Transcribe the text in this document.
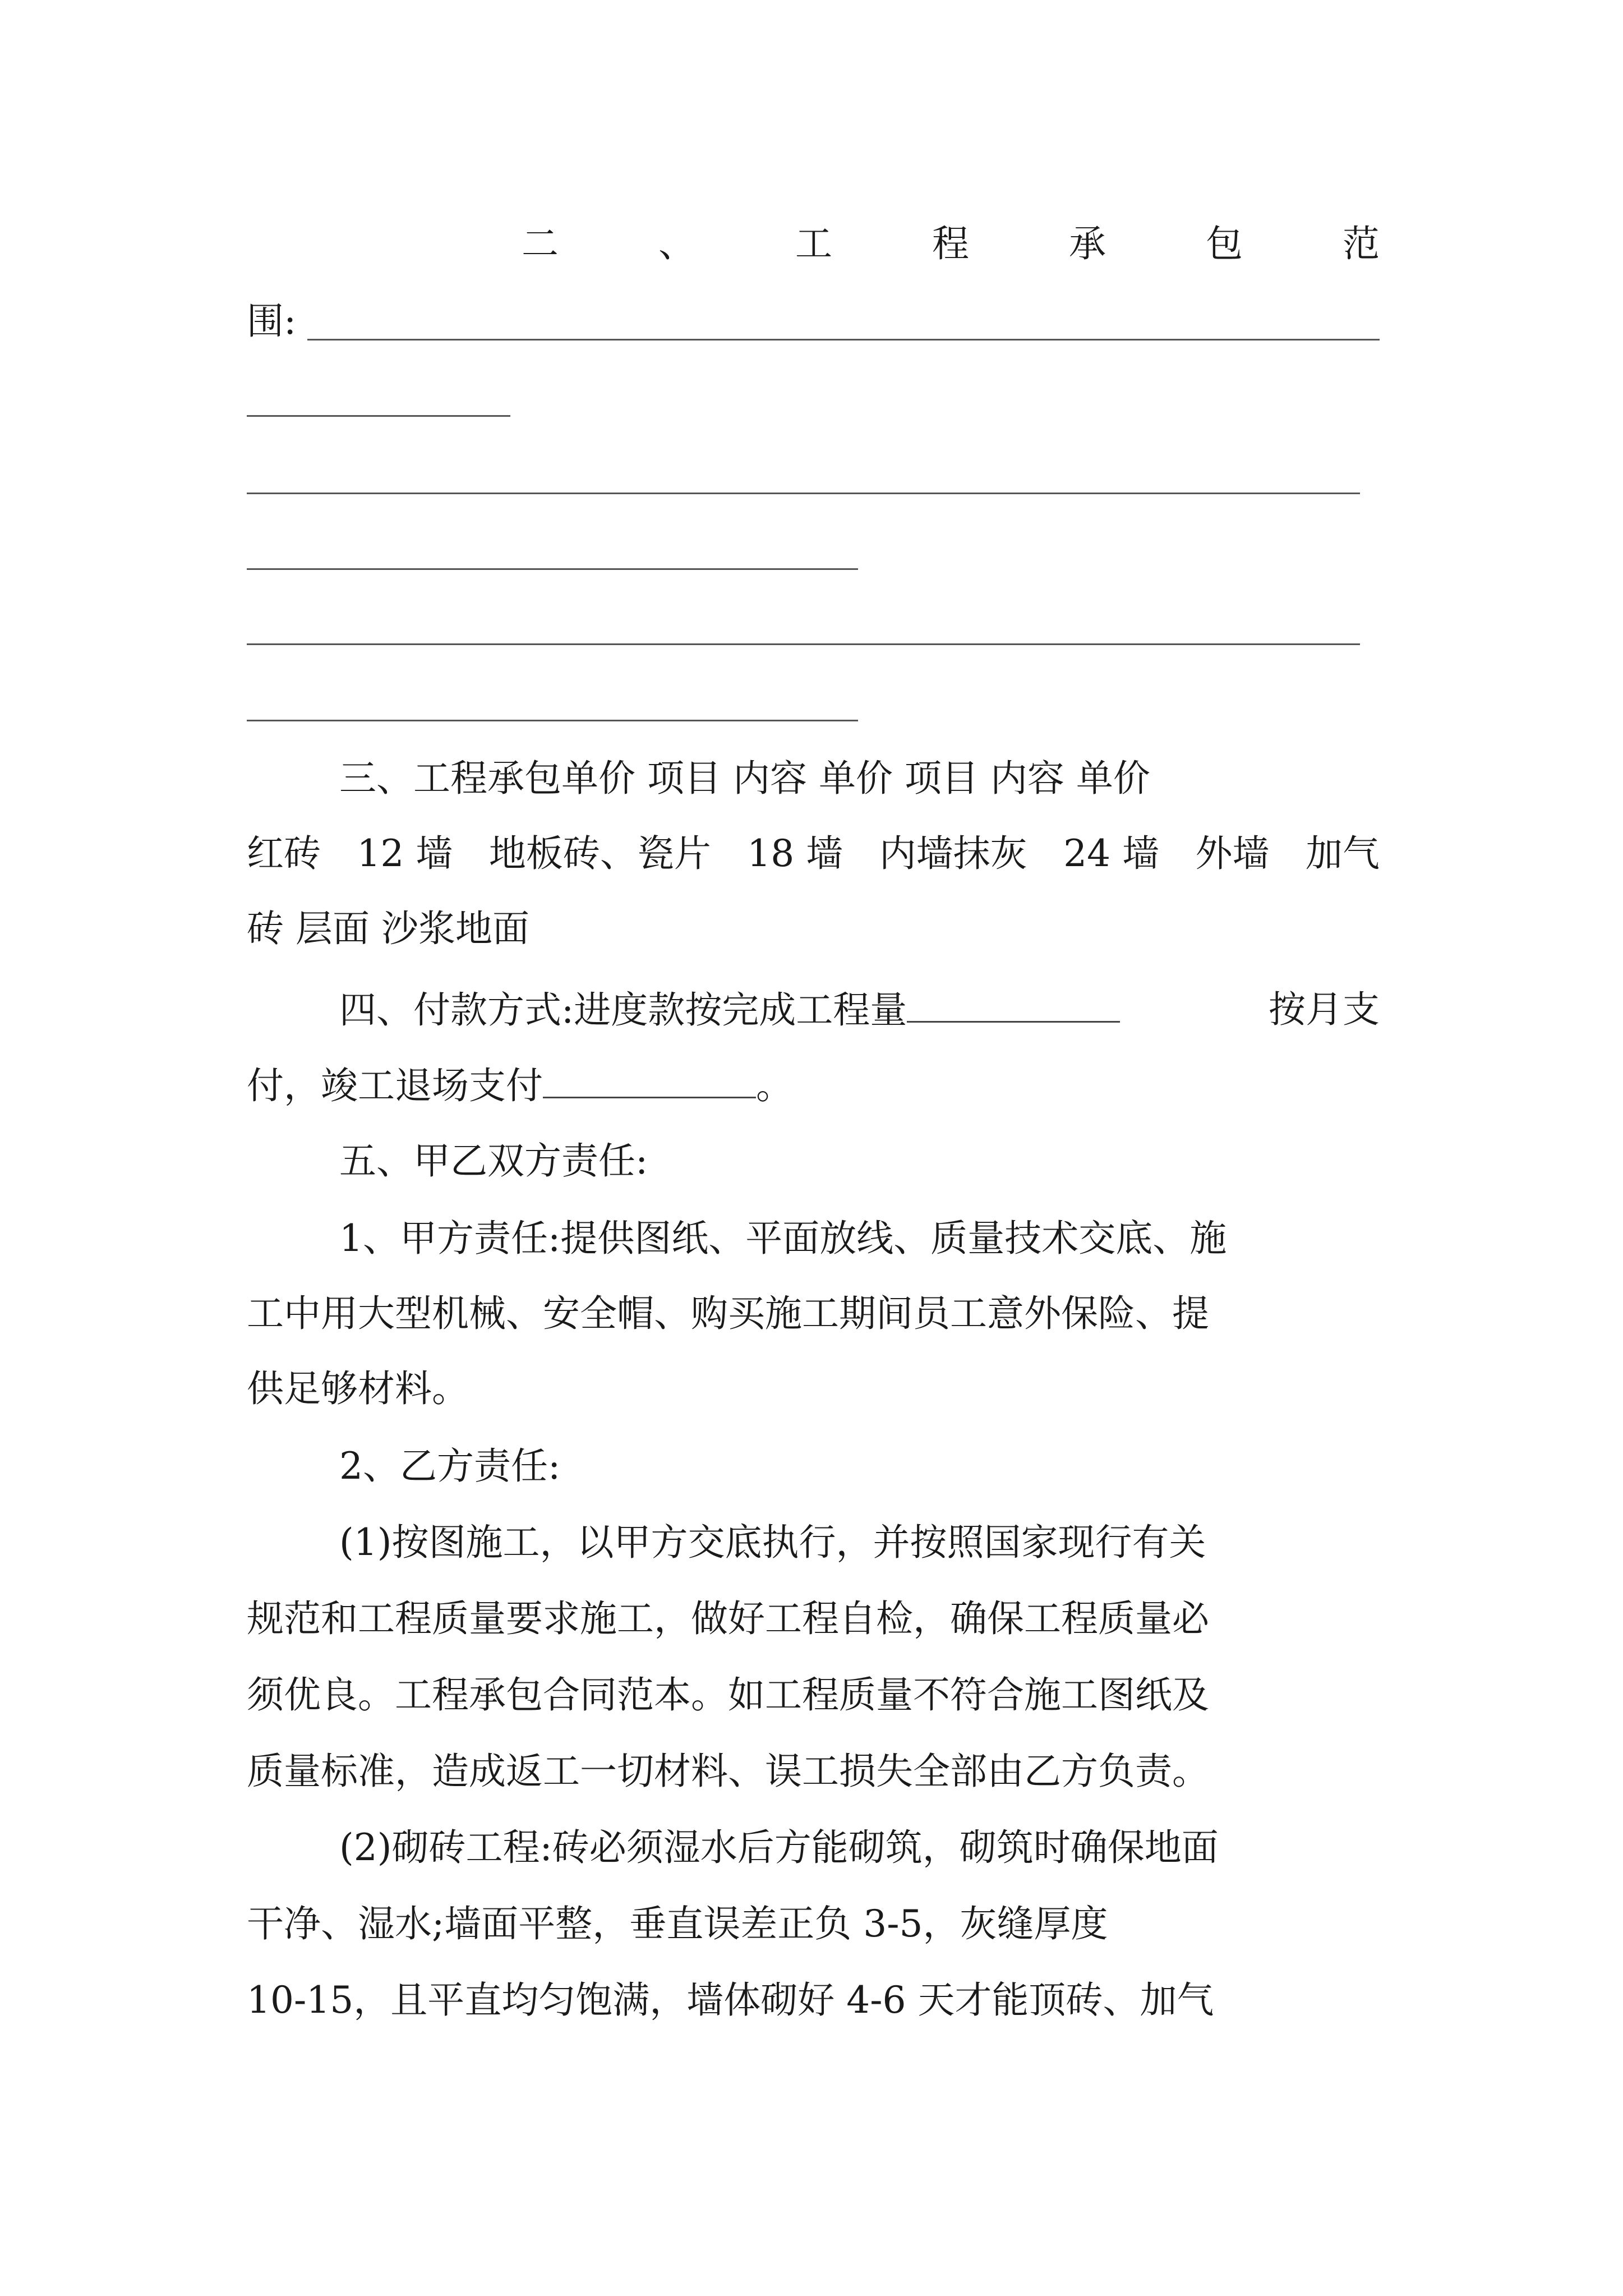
二	、	工	程	承	包	范
围:
三、工程承包单价 项目 内容 单价 项目 内容 单价
红砖 12 墙 地板砖、瓷片 18 墙 内墙抹灰 24 墙 外墙 加气
砖 层面 沙浆地面
四、付款方式:进度款按完成工程量	按月支
付，竣工退场支付	。
五、甲乙双方责任:
1、甲方责任:提供图纸、平面放线、质量技术交底、施
工中用大型机械、安全帽、购买施工期间员工意外保险、提
供足够材料。
2、乙方责任:
(1)按图施工，以甲方交底执行，并按照国家现行有关
规范和工程质量要求施工，做好工程自检，确保工程质量必
须优良。工程承包合同范本。如工程质量不符合施工图纸及
质量标准，造成返工一切材料、误工损失全部由乙方负责。
(2)砌砖工程:砖必须湿水后方能砌筑，砌筑时确保地面
干净、湿水;墙面平整，垂直误差正负 3-5，灰缝厚度
10-15，且平直均匀饱满，墙体砌好 4-6 天才能顶砖、加气
